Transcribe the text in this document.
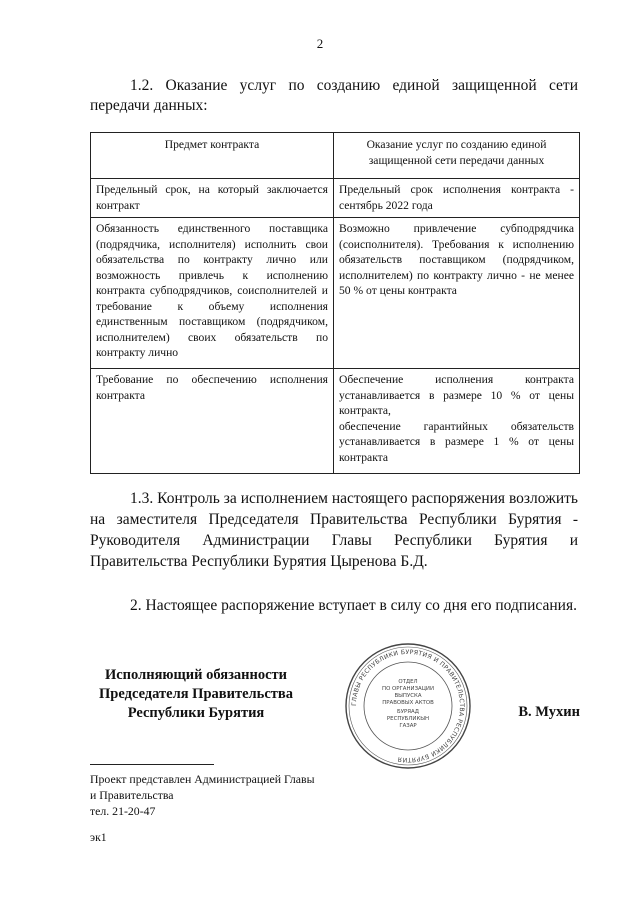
2

1.2. Оказание услуг по созданию единой защищенной сети передачи данных:

Предмет контракта	Оказание услуг по созданию единой защищенной сети передачи данных
Предельный срок, на который заключается контракт	Предельный срок исполнения контракта - сентябрь 2022 года
Обязанность единственного поставщика (подрядчика, исполнителя) исполнить свои обязательства по контракту лично или возможность привлечь к исполнению контракта субподрядчиков, соисполнителей и требование к объему исполнения единственным поставщиком (подрядчиком, исполнителем) своих обязательств по контракту лично	Возможно привлечение субподрядчика (соисполнителя). Требования к исполнению обязательств поставщиком (подрядчиком, исполнителем) по контракту лично - не менее 50 % от цены контракта
Требование по обеспечению исполнения контракта	Обеспечение исполнения контракта устанавливается в размере 10 % от цены контракта,
обеспечение гарантийных обязательств устанавливается в размере 1 % от цены контракта

1.3. Контроль за исполнением настоящего распоряжения возложить на заместителя Председателя Правительства Республики Бурятия - Руководителя Администрации Главы Республики Бурятия и Правительства Республики Бурятия Цыренова Б.Д.

2. Настоящее распоряжение вступает в силу со дня его подписания.

Исполняющий обязанности
Председателя Правительства
Республики Бурятия
ГЛАВЫ РЕСПУБЛИКИ БУРЯТИЯ И ПРАВИТЕЛЬСТВА РЕСПУБЛИКИ БУРЯТИЯ
ОТДЕЛ
ПО ОРГАНИЗАЦИИ
ВЫПУСКА
ПРАВОВЫХ АКТОВ
БУРЯАД
РЕСПУБЛИКЫН
ГАЗАР
В. Мухин
Проект представлен Администрацией Главы
и Правительства
тел. 21-20-47
эк1
